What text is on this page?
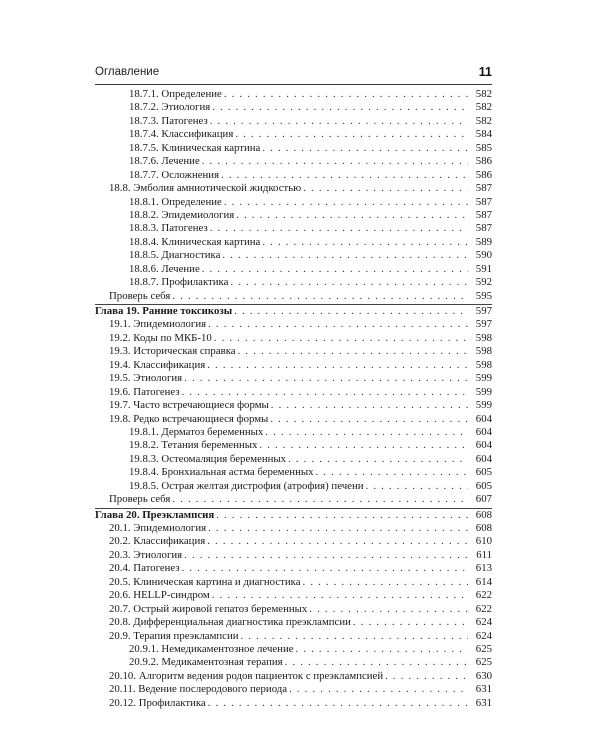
Оглавление	11
18.7.1. Определение . . .	582
18.7.2. Этиология . . .	582
18.7.3. Патогенез . . .	582
18.7.4. Классификация . . .	584
18.7.5. Клиническая картина . . .	585
18.7.6. Лечение . . .	586
18.7.7. Осложнения . . .	586
18.8. Эмболия амниотической жидкостью . . .	587
18.8.1. Определение . . .	587
18.8.2. Эпидемиология . . .	587
18.8.3. Патогенез . . .	587
18.8.4. Клиническая картина . . .	589
18.8.5. Диагностика . . .	590
18.8.6. Лечение . . .	591
18.8.7. Профилактика . . .	592
Проверь себя . . .	595
Глава 19. Ранние токсикозы . . .	597
19.1. Эпидемиология . . .	597
19.2. Коды по МКБ-10 . . .	598
19.3. Историческая справка . . .	598
19.4. Классификация . . .	598
19.5. Этиология . . .	599
19.6. Патогенез . . .	599
19.7. Часто встречающиеся формы . . .	599
19.8. Редко встречающиеся формы . . .	604
19.8.1. Дерматоз беременных . . .	604
19.8.2. Тетания беременных . . .	604
19.8.3. Остеомаляция беременных . . .	604
19.8.4. Бронхиальная астма беременных . . .	605
19.8.5. Острая желтая дистрофия (атрофия) печени . . .	605
Проверь себя . . .	607
Глава 20. Преэклампсия . . .	608
20.1. Эпидемиология . . .	608
20.2. Классификация . . .	610
20.3. Этиология . . .	611
20.4. Патогенез . . .	613
20.5. Клиническая картина и диагностика . . .	614
20.6. HELLP-синдром . . .	622
20.7. Острый жировой гепатоз беременных . . .	622
20.8. Дифференциальная диагностика преэклампсии . . .	624
20.9. Терапия преэклампсии . . .	624
20.9.1. Немедикаментозное лечение . . .	625
20.9.2. Медикаментозная терапия . . .	625
20.10. Алгоритм ведения родов пациенток с преэклампсией . . .	630
20.11. Ведение послеродового периода . . .	631
20.12. Профилактика . . .	631
